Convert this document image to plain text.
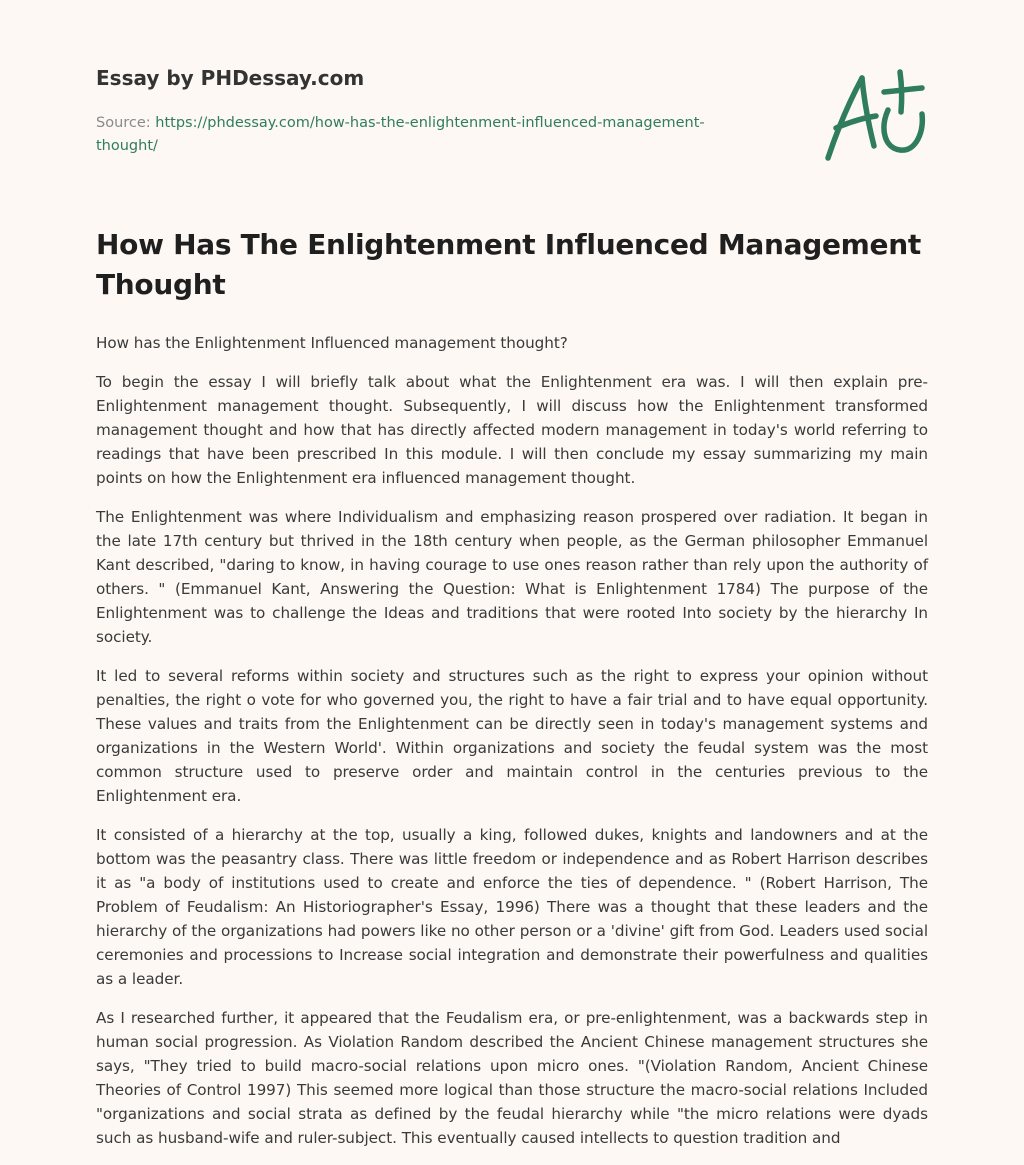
Essay by PHDessay.com
Source: https://phdessay.com/how-has-the-enlightenment-influenced-management-thought/
How Has The Enlightenment Influenced Management Thought

How has the Enlightenment Influenced management thought?

To begin the essay I will briefly talk about what the Enlightenment era was. I will then explain pre- Enlightenment management thought. Subsequently, I will discuss how the Enlightenment transformed management thought and how that has directly affected modern management in today's world referring to readings that have been prescribed In this module. I will then conclude my essay summarizing my main points on how the Enlightenment era influenced management thought.

The Enlightenment was where Individualism and emphasizing reason prospered over radiation. It began in the late 17th century but thrived in the 18th century when people, as the German philosopher Emmanuel Kant described, "daring to know, in having courage to use ones reason rather than rely upon the authority of others. " (Emmanuel Kant, Answering the Question: What is Enlightenment 1784) The purpose of the Enlightenment was to challenge the Ideas and traditions that were rooted Into society by the hierarchy In society.

It led to several reforms within society and structures such as the right to express your opinion without penalties, the right o vote for who governed you, the right to have a fair trial and to have equal opportunity. These values and traits from the Enlightenment can be directly seen in today's management systems and organizations in the Western World'. Within organizations and society the feudal system was the most common structure used to preserve order and maintain control in the centuries previous to the Enlightenment era.

It consisted of a hierarchy at the top, usually a king, followed dukes, knights and landowners and at the bottom was the peasantry class. There was little freedom or independence and as Robert Harrison describes it as "a body of institutions used to create and enforce the ties of dependence. " (Robert Harrison, The Problem of Feudalism: An Historiographer's Essay, 1996) There was a thought that these leaders and the hierarchy of the organizations had powers like no other person or a 'divine' gift from God. Leaders used social ceremonies and processions to Increase social integration and demonstrate their powerfulness and qualities as a leader.

As I researched further, it appeared that the Feudalism era, or pre-enlightenment, was a backwards step in human social progression. As Violation Random described the Ancient Chinese management structures she says, "They tried to build macro-social relations upon micro ones. "(Violation Random, Ancient Chinese Theories of Control 1997) This seemed more logical than those structure the macro-social relations Included "organizations and social strata as defined by the feudal hierarchy while "the micro relations were dyads such as husband-wife and ruler-subject. This eventually caused intellects to question tradition and
